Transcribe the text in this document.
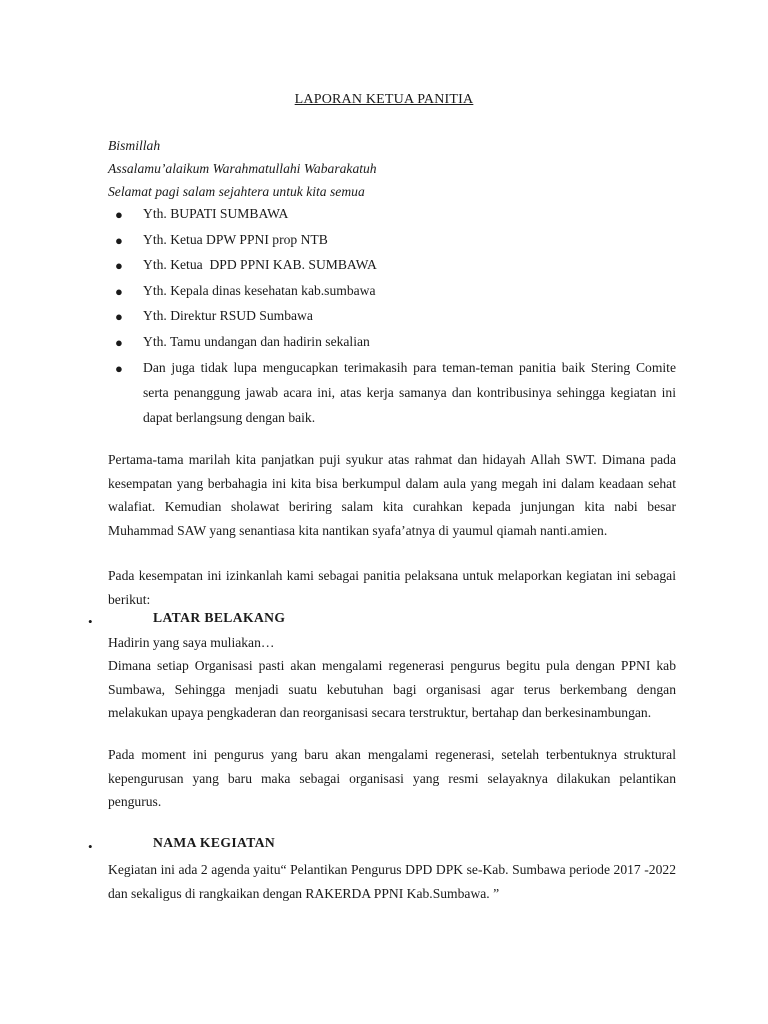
LAPORAN KETUA PANITIA
Bismillah
Assalamu’alaikum Warahmatullahi Wabarakatuh
Selamat pagi salam sejahtera untuk kita semua
● Yth. BUPATI SUMBAWA
● Yth. Ketua DPW PPNI prop NTB
● Yth. Ketua  DPD PPNI KAB. SUMBAWA
● Yth. Kepala dinas kesehatan kab.sumbawa
● Yth. Direktur RSUD Sumbawa
● Yth. Tamu undangan dan hadirin sekalian
● Dan juga tidak lupa mengucapkan terimakasih para teman-teman panitia baik Stering Comite serta penanggung jawab acara ini, atas kerja samanya dan kontribusinya sehingga kegiatan ini dapat berlangsung dengan baik.
Pertama-tama marilah kita panjatkan puji syukur atas rahmat dan hidayah Allah SWT. Dimana pada kesempatan yang berbahagia ini kita bisa berkumpul dalam aula yang megah ini dalam keadaan sehat walafiat. Kemudian sholawat beriring salam kita curahkan kepada junjungan kita nabi besar Muhammad SAW yang senantiasa kita nantikan syafa’atnya di yaumul qiamah nanti.amien.
Pada kesempatan ini izinkanlah kami sebagai panitia pelaksana untuk melaporkan kegiatan ini sebagai berikut:
•	LATAR BELAKANG
Hadirin yang saya muliakan…
Dimana setiap Organisasi pasti akan mengalami regenerasi pengurus begitu pula dengan PPNI kab Sumbawa, Sehingga menjadi suatu kebutuhan bagi organisasi agar terus berkembang dengan melakukan upaya pengkaderan dan reorganisasi secara terstruktur, bertahap dan berkesinambungan.
Pada moment ini pengurus yang baru akan mengalami regenerasi, setelah terbentuknya struktural kepengurusan yang baru maka sebagai organisasi yang resmi selayaknya dilakukan pelantikan pengurus.
•	NAMA KEGIATAN
Kegiatan ini ada 2 agenda yaitu“ Pelantikan Pengurus DPD DPK se-Kab. Sumbawa periode 2017 -2022 dan sekaligus di rangkaikan dengan RAKERDA PPNI Kab.Sumbawa. ”
